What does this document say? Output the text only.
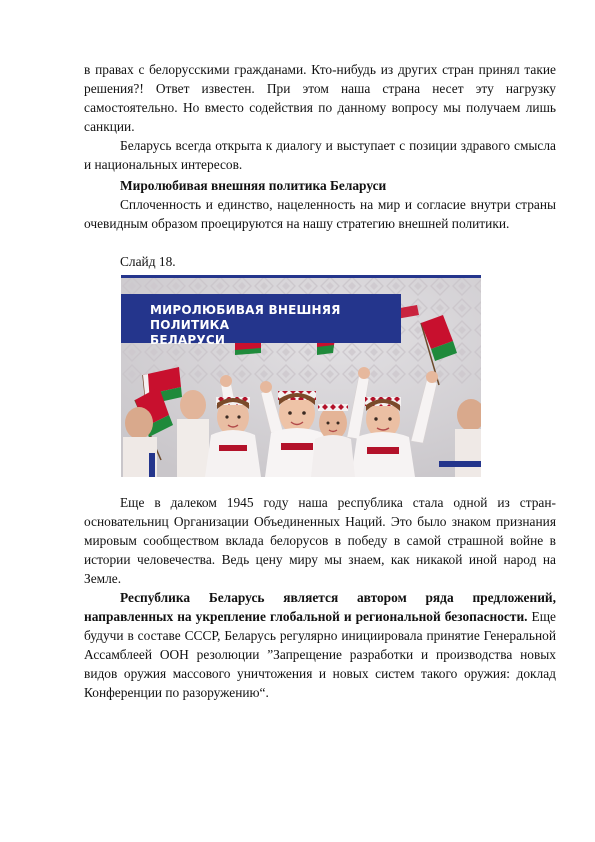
в правах с белорусскими гражданами. Кто-нибудь из других стран принял такие решения?! Ответ известен. При этом наша страна несет эту нагрузку самостоятельно. Но вместо содействия по данному вопросу мы получаем лишь санкции.

Беларусь всегда открыта к диалогу и выступает с позиции здравого смысла и национальных интересов.

Миролюбивая внешняя политика Беларуси

Сплоченность и единство, нацеленность на мир и согласие внутри страны очевидным образом проецируются на нашу стратегию внешней политики.

Слайд 18.

МИРОЛЮБИВАЯ ВНЕШНЯЯ ПОЛИТИКА
БЕЛАРУСИ

Еще в далеком 1945 году наша республика стала одной из стран-основательниц Организации Объединенных Наций. Это было знаком признания мировым сообществом вклада белорусов в победу в самой страшной войне в истории человечества. Ведь цену миру мы знаем, как никакой иной народ на Земле.

Республика Беларусь является автором ряда предложений, направленных на укрепление глобальной и региональной безопасности. Еще будучи в составе СССР, Беларусь регулярно инициировала принятие Генеральной Ассамблеей ООН резолюции ”Запрещение разработки и производства новых видов оружия массового уничтожения и новых систем такого оружия: доклад Конференции по разоружению“.
